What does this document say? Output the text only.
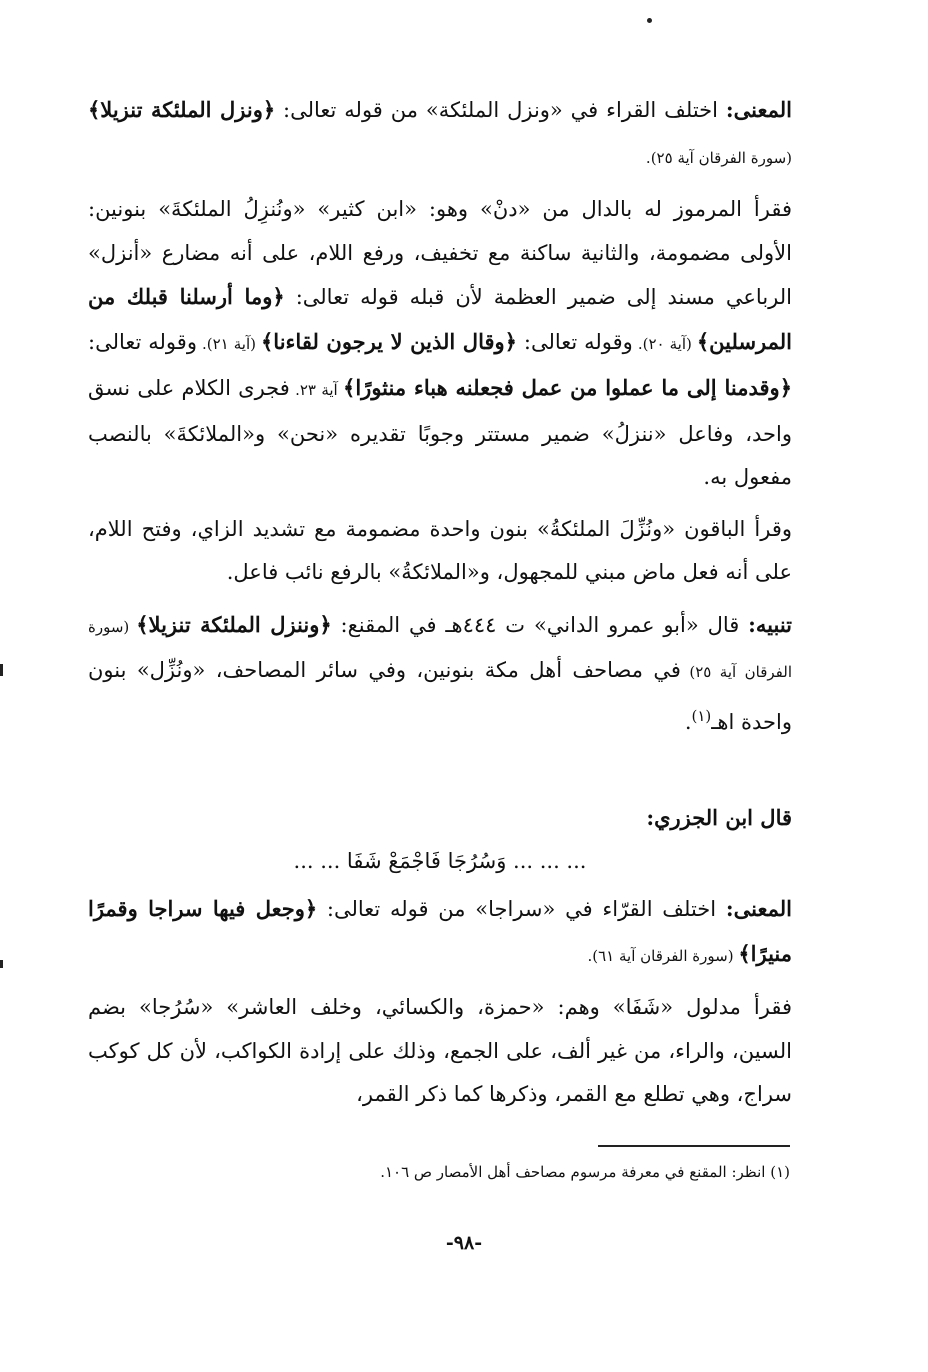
المعنى: اختلف القراء في «ونزل الملئكة» من قوله تعالى: ﴿ونزل الملئكة تنزيلا﴾ (سورة الفرقان آية ٢٥).
فقرأ المرموز له بالدال من «دنْ» وهو: «ابن كثير» «ونُنزِلُ الملئكةَ» بنونين: الأولى مضمومة، والثانية ساكنة مع تخفيف، ورفع اللام، على أنه مضارع «أنزل» الرباعي مسند إلى ضمير العظمة لأن قبله قوله تعالى: ﴿وما أرسلنا قبلك من المرسلين﴾ (آية ٢٠). وقوله تعالى: ﴿وقال الذين لا يرجون لقاءنا﴾ (آية ٢١). وقوله تعالى: ﴿وقدمنا إلى ما عملوا من عمل فجعلنه هباء منثورًا﴾ آية ٢٣. فجرى الكلام على نسق واحد، وفاعل «ننزلُ» ضمير مستتر وجوبًا تقديره «نحن» و«الملائكةَ» بالنصب مفعول به.
وقرأ الباقون «ونُزِّلَ الملئكةُ» بنون واحدة مضمومة مع تشديد الزاي، وفتح اللام، على أنه فعل ماض مبني للمجهول، و«الملائكةُ» بالرفع نائب فاعل.
تنبيه: قال «أبو عمرو الداني» ت ٤٤٤هـ في المقنع: ﴿وننزل الملئكة تنزيلا﴾ (سورة الفرقان آية ٢٥) في مصاحف أهل مكة بنونين، وفي سائر المصاحف، «ونُزِّل» بنون واحدة اهـ$^{(١)}$.
قال ابن الجزري:
... ... ... وَسُرُجَا فَاجْمَعْ شَفَا ... ...
المعنى: اختلف القرّاء في «سراجا» من قوله تعالى: ﴿وجعل فيها سراجا وقمرًا منيرًا﴾ (سورة الفرقان آية ٦١).
فقرأ مدلول «شَفَا» وهم: «حمزة، والكسائي، وخلف العاشر» «سُرُجا» بضم السين، والراء، من غير ألف، على الجمع، وذلك على إرادة الكواكب، لأن كل كوكب سراج، وهي تطلع مع القمر، وذكرها كما ذكر القمر،
(١) انظر: المقنع في معرفة مرسوم مصاحف أهل الأمصار ص ١٠٦.
-٩٨-
